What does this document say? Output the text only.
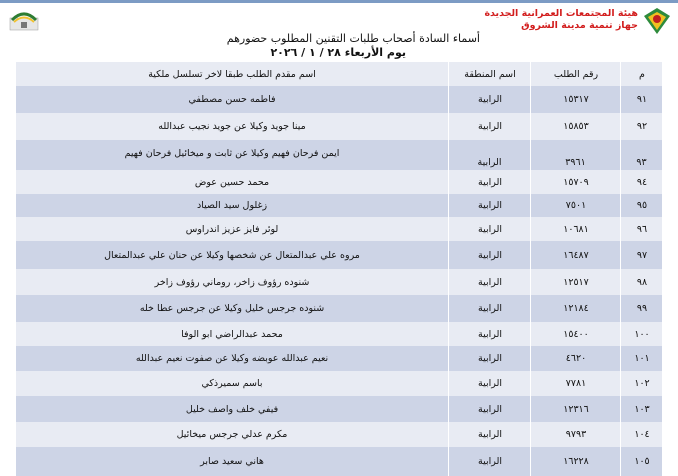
هيئة المجتمعات العمرانية الجديدة
جهاز تنمية مدينة الشروق
أسماء السادة أصحاب طلبات التقنين المطلوب حضورهم
يوم الأربعاء ٢٨ / ١ / ٢٠٢٦
م
رقم الطلب
اسم المنطقة
اسم مقدم الطلب طبقا لاخر تسلسل ملكية
٩١
١٥٣١٧
الرابية
فاطمه حسن مصطفي
٩٢
١٥٨٥٣
الرابية
مينا جويد وكيلا عن جويد نجيب عبدالله
٩٣
٣٩٦١
الرابية
ايمن فرحان فهيم وكيلا عن ثابت و ميخائيل فرحان فهيم
٩٤
١٥٧٠٩
الرابية
محمد حسين عوض
٩٥
٧٥٠١
الرابية
زغلول سيد الصياد
٩٦
١٠٦٨١
الرابية
لوئر فايز عزيز اندراوس
٩٧
١٦٤٨٧
الرابية
مروه علي عبدالمتعال عن شخصها وكيلا عن حنان علي عبدالمتعال
٩٨
١٢٥١٧
الرابية
شنوده رؤوف زاخر، روماني رؤوف زاخر
٩٩
١٢١٨٤
الرابية
شنوده جرجس خليل وكيلا عن جرجس عطا خله
١٠٠
١٥٤٠٠
الرابية
محمد عبدالراضي ابو الوفا
١٠١
٤٦٢٠
الرابية
نعيم عبدالله عوبضه وكيلا عن صفوت نعيم عبدالله
١٠٢
٧٧٨١
الرابية
باسم سميرذكي
١٠٣
١٢٣١٦
الرابية
فيفي خلف واصف خليل
١٠٤
٩٧٩٣
الرابية
مكرم عدلي جرجس ميخائيل
١٠٥
١٦٢٢٨
الرابية
هاني سعيد صابر
